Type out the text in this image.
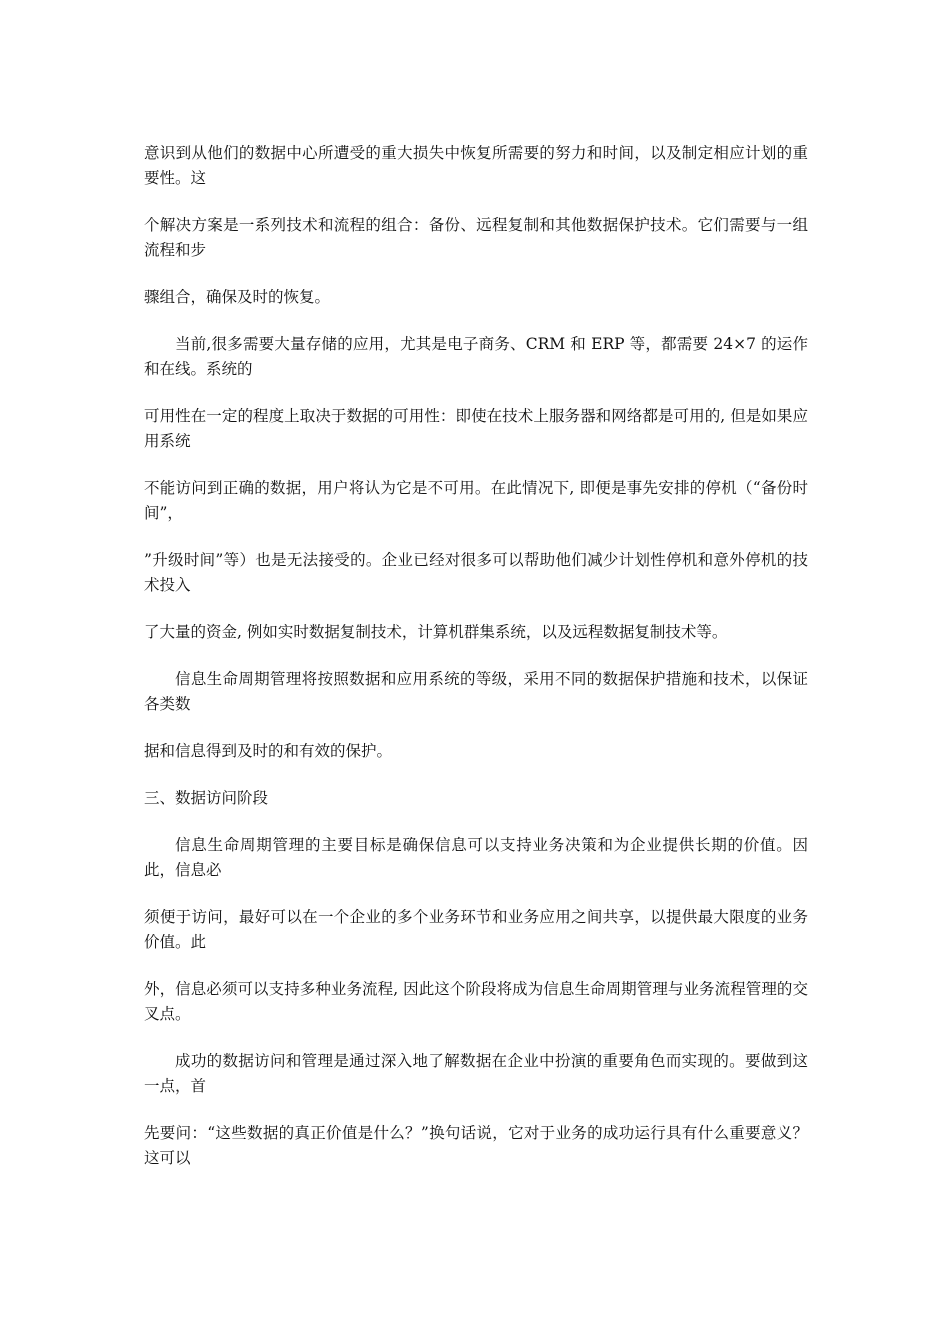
意识到从他们的数据中心所遭受的重大损失中恢复所需要的努力和时间，以及制定相应计划的重要性。这

个解决方案是一系列技术和流程的组合：备份、远程复制和其他数据保护技术。它们需要与一组流程和步

骤组合，确保及时的恢复。

当前,很多需要大量存储的应用，尤其是电子商务、CRM 和 ERP 等，都需要 24×7 的运作和在线。系统的

可用性在一定的程度上取决于数据的可用性：即使在技术上服务器和网络都是可用的, 但是如果应用系统

不能访问到正确的数据，用户将认为它是不可用。在此情况下, 即便是事先安排的停机（“备份时间”，

”升级时间”等）也是无法接受的。企业已经对很多可以帮助他们减少计划性停机和意外停机的技术投入

了大量的资金, 例如实时数据复制技术，计算机群集系统，以及远程数据复制技术等。

信息生命周期管理将按照数据和应用系统的等级，采用不同的数据保护措施和技术，以保证各类数

据和信息得到及时的和有效的保护。

三、数据访问阶段

信息生命周期管理的主要目标是确保信息可以支持业务决策和为企业提供长期的价值。因此，信息必

须便于访问，最好可以在一个企业的多个业务环节和业务应用之间共享，以提供最大限度的业务价值。此

外，信息必须可以支持多种业务流程, 因此这个阶段将成为信息生命周期管理与业务流程管理的交叉点。

成功的数据访问和管理是通过深入地了解数据在企业中扮演的重要角色而实现的。要做到这一点，首

先要问：“这些数据的真正价值是什么？”换句话说，它对于业务的成功运行具有什么重要意义？这可以
